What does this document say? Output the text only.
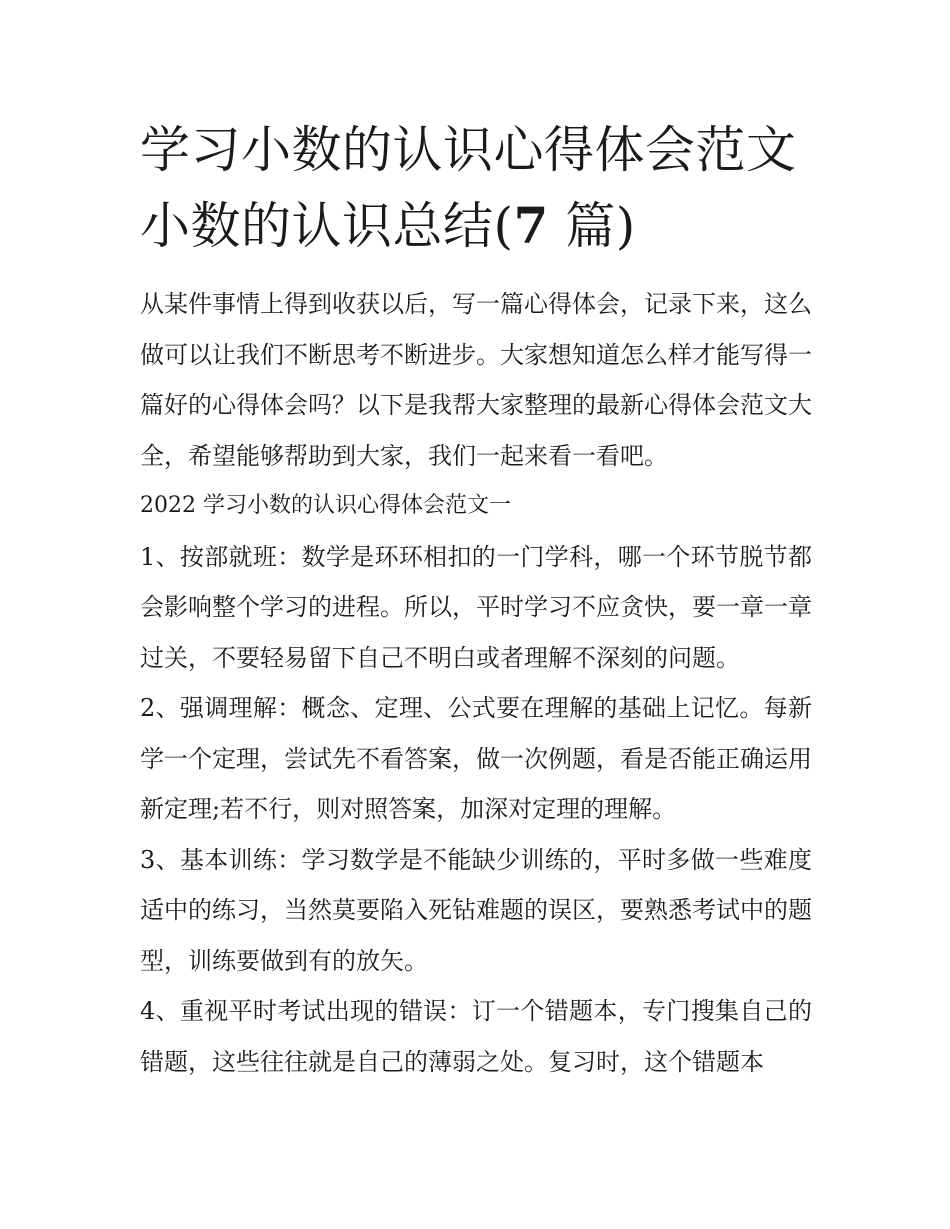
学习小数的认识心得体会范文
小数的认识总结(7 篇)

从某件事情上得到收获以后，写一篇心得体会，记录下来，这么做可以让我们不断思考不断进步。大家想知道怎么样才能写得一篇好的心得体会吗？以下是我帮大家整理的最新心得体会范文大全，希望能够帮助到大家，我们一起来看一看吧。

2022 学习小数的认识心得体会范文一

1、按部就班：数学是环环相扣的一门学科，哪一个环节脱节都会影响整个学习的进程。所以，平时学习不应贪快，要一章一章过关，不要轻易留下自己不明白或者理解不深刻的问题。

2、强调理解：概念、定理、公式要在理解的基础上记忆。每新学一个定理，尝试先不看答案，做一次例题，看是否能正确运用新定理;若不行，则对照答案，加深对定理的理解。

3、基本训练：学习数学是不能缺少训练的，平时多做一些难度适中的练习，当然莫要陷入死钻难题的误区，要熟悉考试中的题型，训练要做到有的放矢。

4、重视平时考试出现的错误：订一个错题本，专门搜集自己的错题，这些往往就是自己的薄弱之处。复习时，这个错题本
